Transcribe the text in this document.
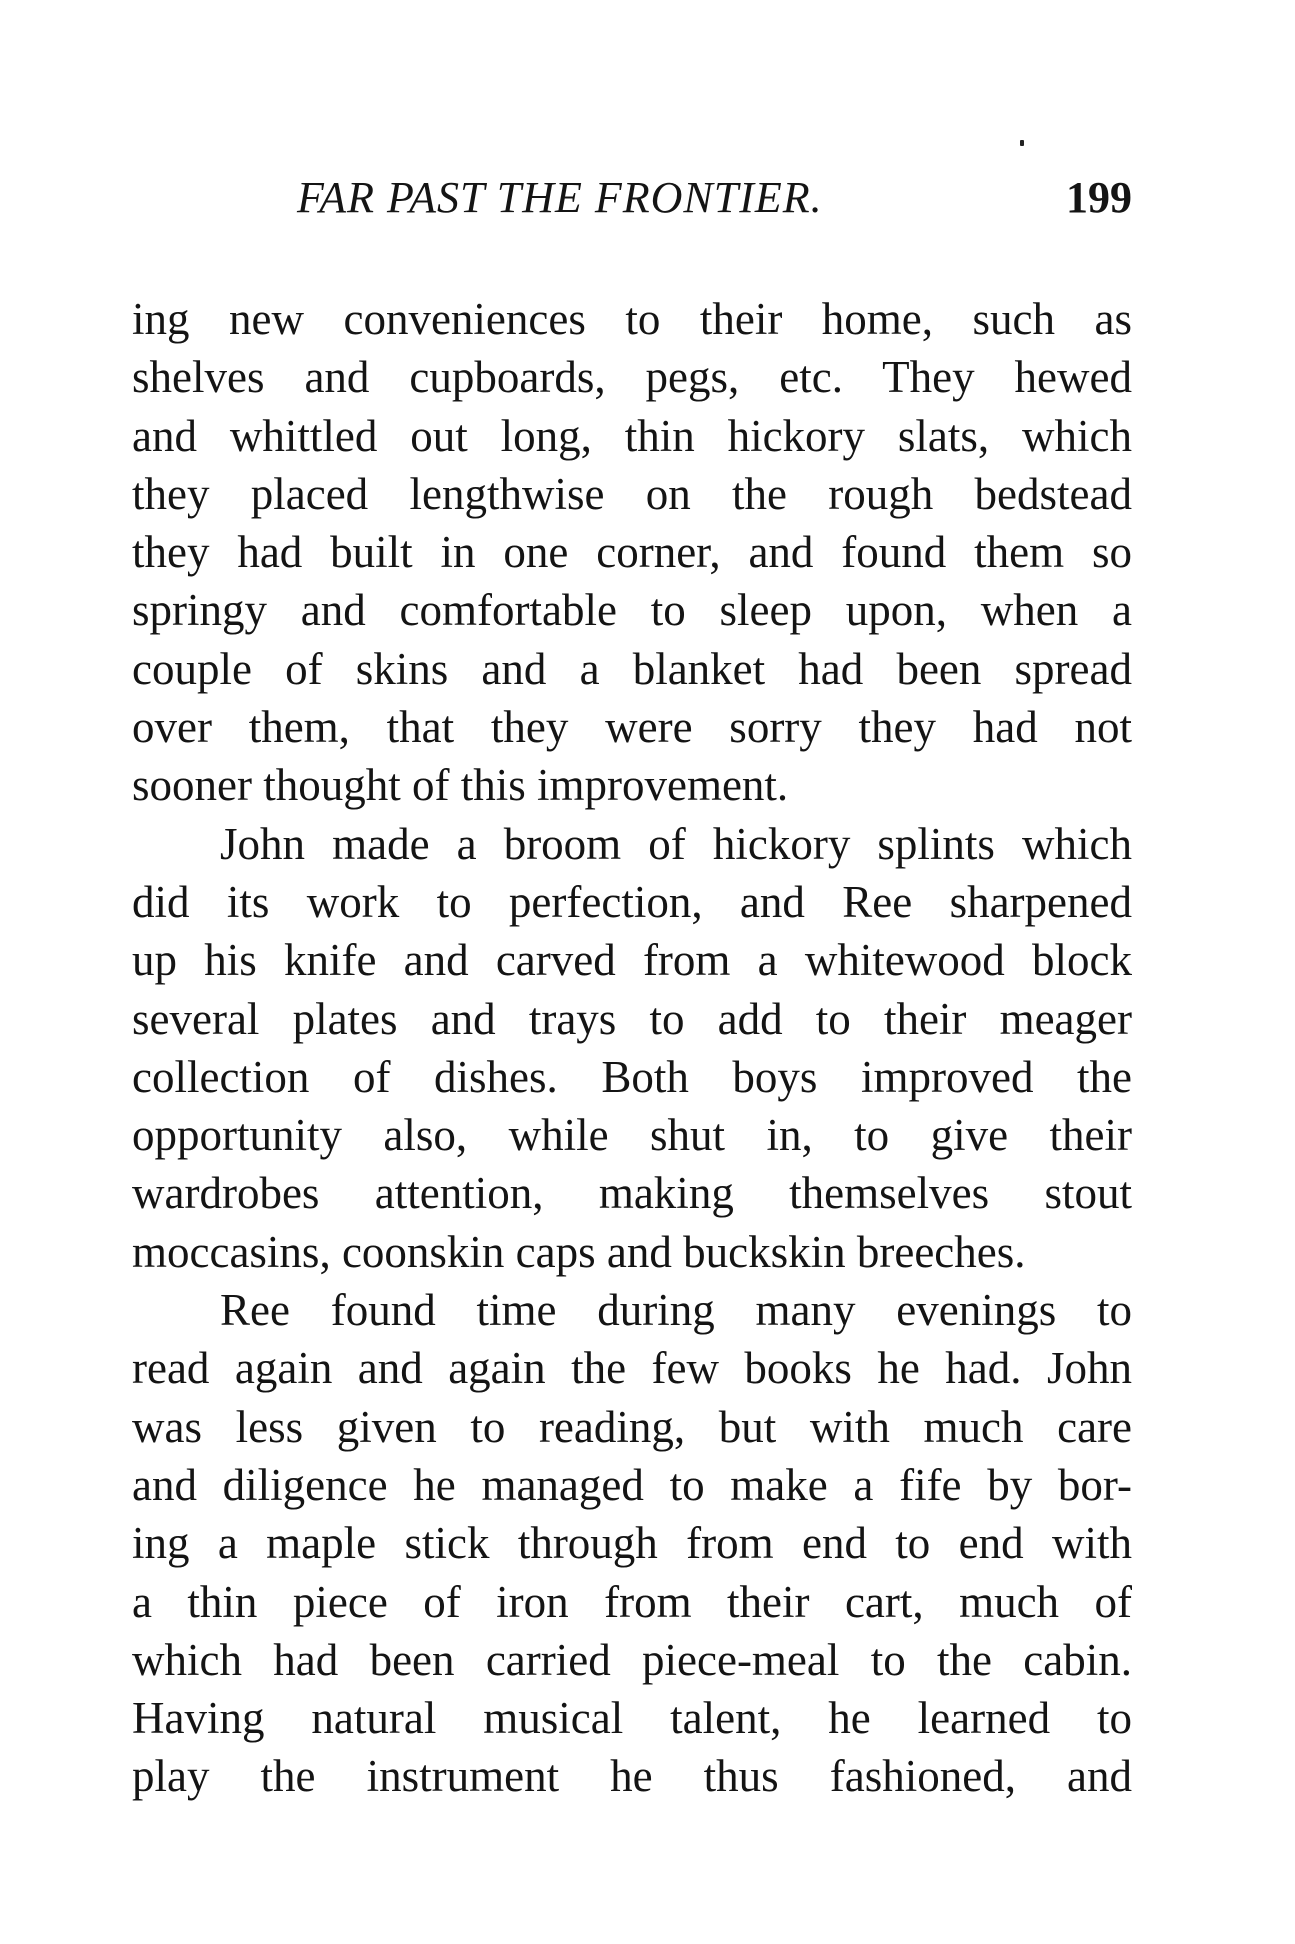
FAR PAST THE FRONTIER.	199
ing new conveniences to their home, such as
shelves and cupboards, pegs, etc. They hewed
and whittled out long, thin hickory slats, which
they placed lengthwise on the rough bedstead
they had built in one corner, and found them so
springy and comfortable to sleep upon, when a
couple of skins and a blanket had been spread
over them, that they were sorry they had not
sooner thought of this improvement.
John made a broom of hickory splints which
did its work to perfection, and Ree sharpened
up his knife and carved from a whitewood block
several plates and trays to add to their meager
collection of dishes. Both boys improved the
opportunity also, while shut in, to give their
wardrobes attention, making themselves stout
moccasins, coonskin caps and buckskin breeches.
Ree found time during many evenings to
read again and again the few books he had. John
was less given to reading, but with much care
and diligence he managed to make a fife by bor-
ing a maple stick through from end to end with
a thin piece of iron from their cart, much of
which had been carried piece-meal to the cabin.
Having natural musical talent, he learned to
play the instrument he thus fashioned, and
